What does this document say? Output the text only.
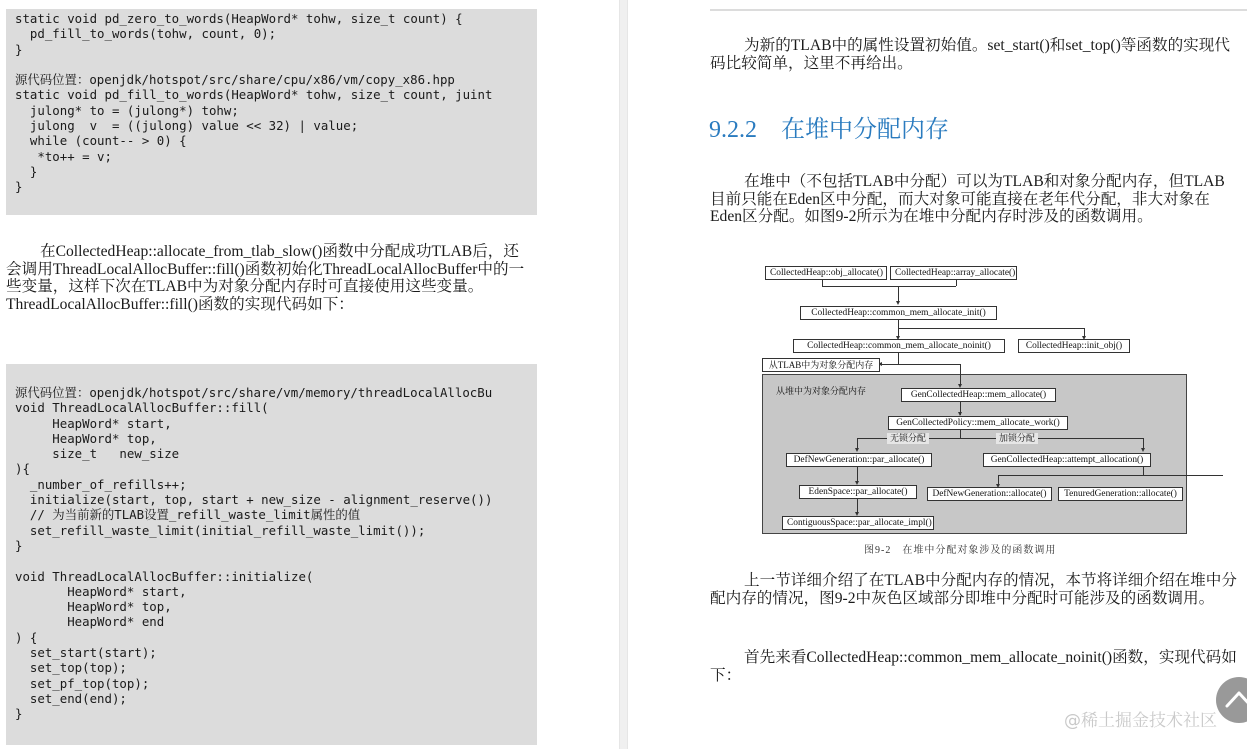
static void pd_zero_to_words(HeapWord* tohw, size_t count) {
pd_fill_to_words(tohw, count, 0);
}

源代码位置：openjdk/hotspot/src/share/cpu/x86/vm/copy_x86.hpp
static void pd_fill_to_words(HeapWord* tohw, size_t count, juint
julong* to = (julong*) tohw;
julong  v  = ((julong) value << 32) | value;
while (count-- > 0) {
*to++ = v;
}
}

在CollectedHeap::allocate_from_tlab_slow()函数中分配成功TLAB后，还会调用ThreadLocalAllocBuffer::fill()函数初始化ThreadLocalAllocBuffer中的一些变量，这样下次在TLAB中为对象分配内存时可直接使用这些变量。ThreadLocalAllocBuffer::fill()函数的实现代码如下：

源代码位置：openjdk/hotspot/src/share/vm/memory/threadLocalAllocBu
void ThreadLocalAllocBuffer::fill(
HeapWord* start,
HeapWord* top,
size_t   new_size
){
_number_of_refills++;
initialize(start, top, start + new_size - alignment_reserve())
// 为当前新的TLAB设置_refill_waste_limit属性的值
set_refill_waste_limit(initial_refill_waste_limit());
}

void ThreadLocalAllocBuffer::initialize(
HeapWord* start,
HeapWord* top,
HeapWord* end
) {
set_start(start);
set_top(top);
set_pf_top(top);
set_end(end);
}

为新的TLAB中的属性设置初始值。set_start()和set_top()等函数的实现代码比较简单，这里不再给出。

9.2.2 在堆中分配内存

在堆中（不包括TLAB中分配）可以为TLAB和对象分配内存，但TLAB目前只能在Eden区中分配，而大对象可能直接在老年代分配，非大对象在Eden区分配。如图9-2所示为在堆中分配内存时涉及的函数调用。

CollectedHeap::obj_allocate()	CollectedHeap::array_allocate()
CollectedHeap::common_mem_allocate_init()
CollectedHeap::common_mem_allocate_noinit()	CollectedHeap::init_obj()
从TLAB中为对象分配内存
从堆中为对象分配内存	GenCollectedHeap::mem_allocate()
GenCollectedPolicy::mem_allocate_work()
无锁分配	加锁分配
DefNewGeneration::par_allocate()	GenCollectedHeap::attempt_allocation()
EdenSpace::par_allocate()	DefNewGeneration::allocate()	TenuredGeneration::allocate()
ContiguousSpace::par_allocate_impl()
图9-2　在堆中分配对象涉及的函数调用

上一节详细介绍了在TLAB中分配内存的情况，本节将详细介绍在堆中分配内存的情况，图9-2中灰色区域部分即堆中分配时可能涉及的函数调用。

首先来看CollectedHeap::common_mem_allocate_noinit()函数，实现代码如下：

@稀土掘金技术社区
